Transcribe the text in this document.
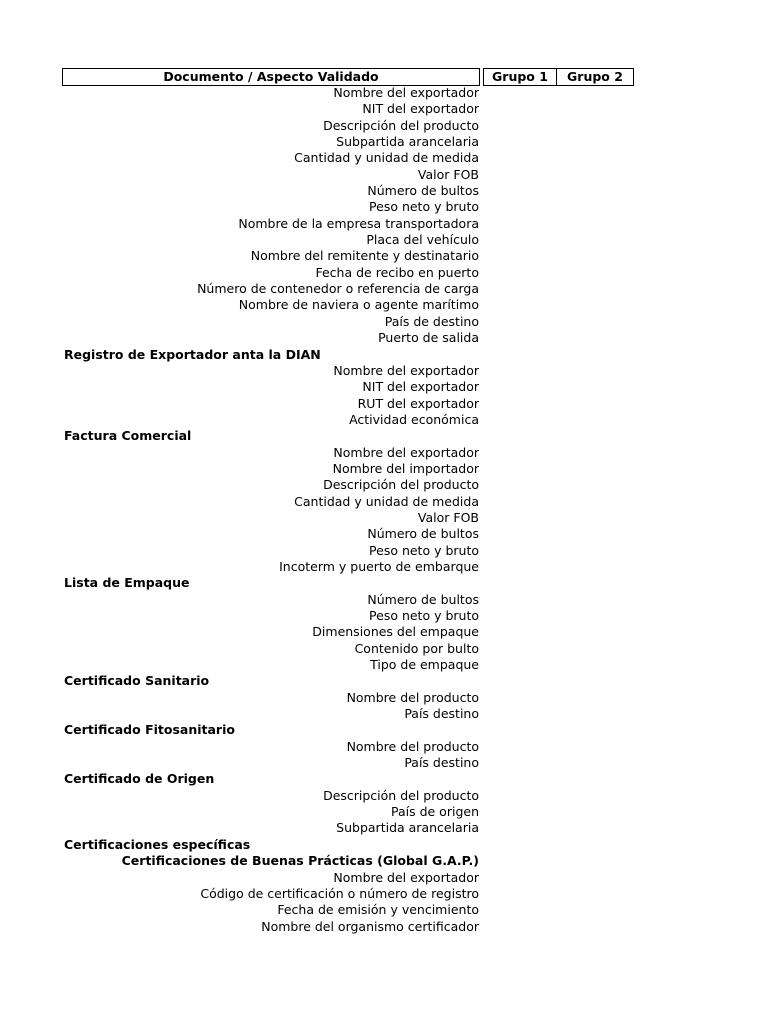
Documento / Aspecto Validado	Grupo 1	Grupo 2
Nombre del exportador
NIT del exportador
Descripción del producto
Subpartida arancelaria
Cantidad y unidad de medida
Valor FOB
Número de bultos
Peso neto y bruto
Nombre de la empresa transportadora
Placa del vehículo
Nombre del remitente y destinatario
Fecha de recibo en puerto
Número de contenedor o referencia de carga
Nombre de naviera o agente marítimo
País de destino
Puerto de salida
Registro de Exportador anta la DIAN
Nombre del exportador
NIT del exportador
RUT del exportador
Actividad económica
Factura Comercial
Nombre del exportador
Nombre del importador
Descripción del producto
Cantidad y unidad de medida
Valor FOB
Número de bultos
Peso neto y bruto
Incoterm y puerto de embarque
Lista de Empaque
Número de bultos
Peso neto y bruto
Dimensiones del empaque
Contenido por bulto
Tipo de empaque
Certificado Sanitario
Nombre del producto
País destino
Certificado Fitosanitario
Nombre del producto
País destino
Certificado de Origen
Descripción del producto
País de origen
Subpartida arancelaria
Certificaciones específicas
Certificaciones de Buenas Prácticas (Global G.A.P.)
Nombre del exportador
Código de certificación o número de registro
Fecha de emisión y vencimiento
Nombre del organismo certificador
